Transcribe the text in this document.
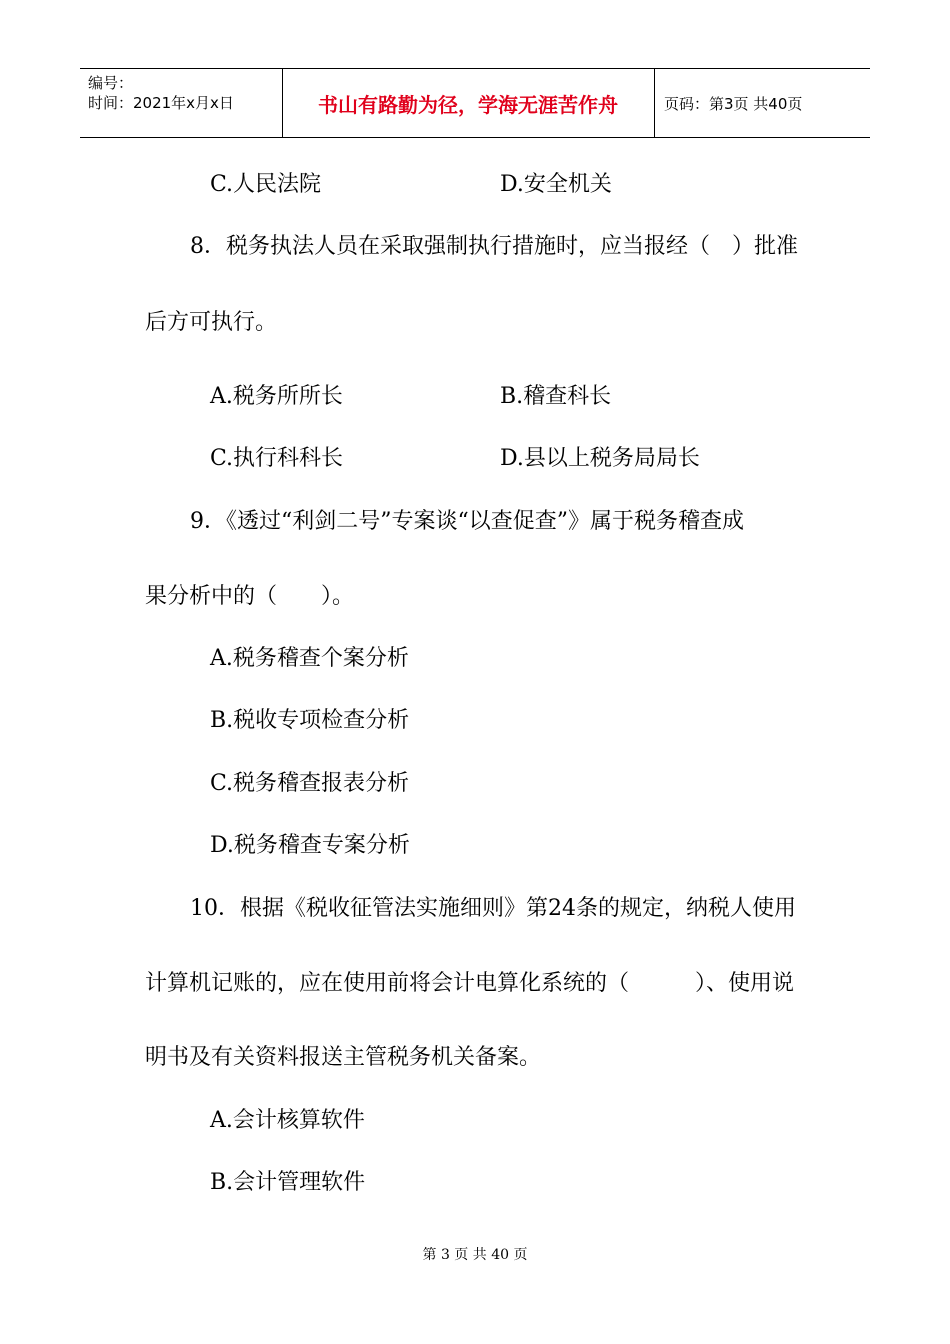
编号：
时间：2021年x月x日	书山有路勤为径，学海无涯苦作舟	页码：第3页 共40页
C.人民法院	D.安全机关
8．税务执法人员在采取强制执行措施时，应当报经（　）批准
后方可执行。
A.税务所所长	B.稽查科长
C.执行科科长	D.县以上税务局局长
9．《透过“利剑二号”专案谈“以查促查”》属于税务稽查成
果分析中的（　　）。
A.税务稽查个案分析
B.税收专项检查分析
C.税务稽查报表分析
D.税务稽查专案分析
10．根据《税收征管法实施细则》第24条的规定，纳税人使用
计算机记账的，应在使用前将会计电算化系统的（　　　）、使用说
明书及有关资料报送主管税务机关备案。
A.会计核算软件
B.会计管理软件
第 3 页 共 40 页
